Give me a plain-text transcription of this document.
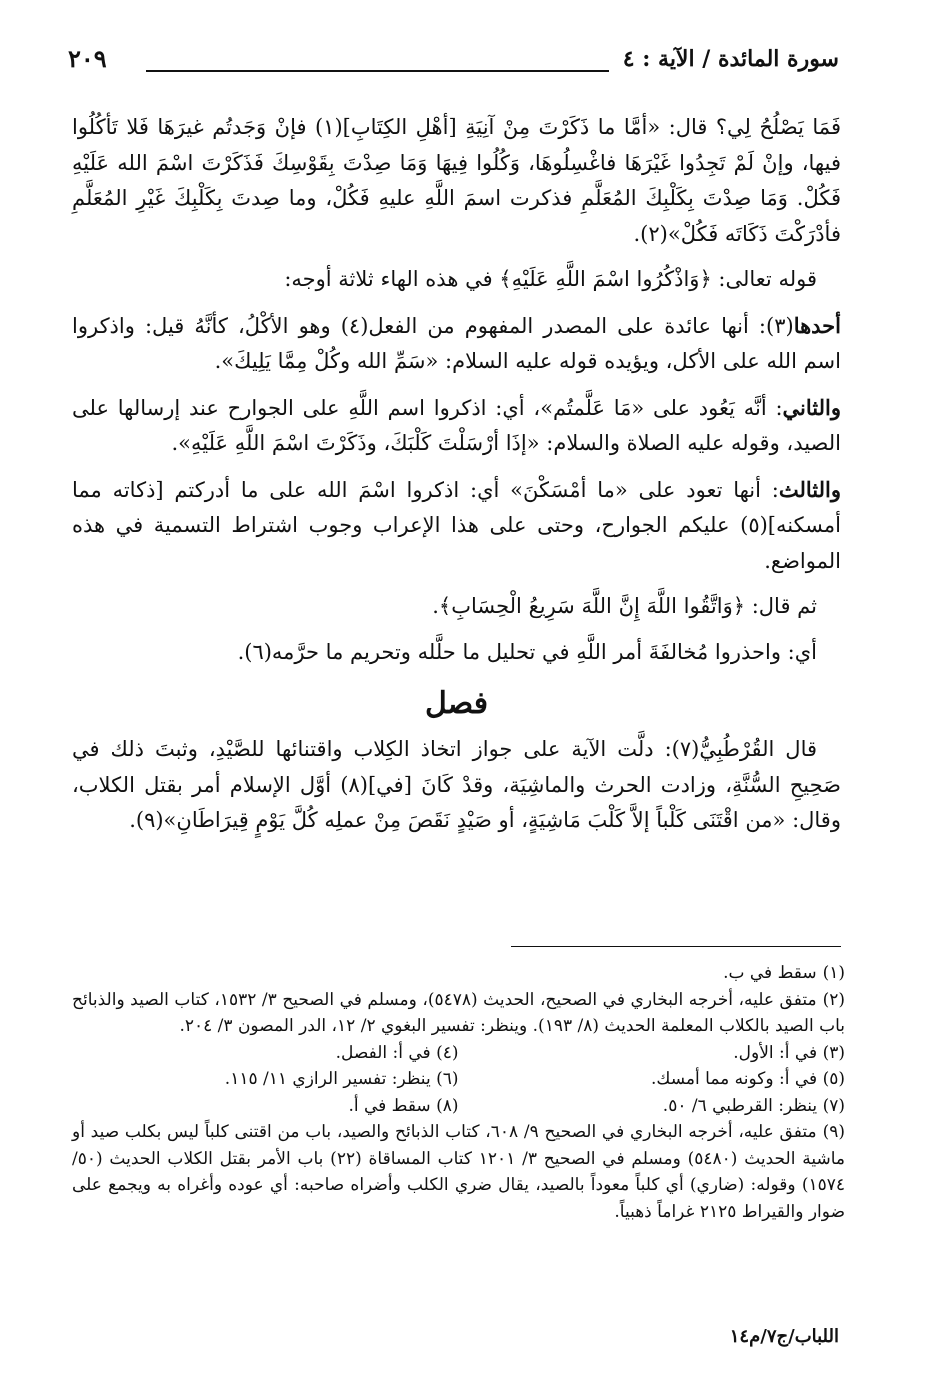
سورة المائدة / الآية : ٤
٢٠٩

فَمَا يَصْلُحُ لِي؟ قال: «أمَّا ما ذَكَرْتَ مِنْ آنِيَةِ [أهْلِ الكِتَابِ](١) فإنْ وَجَدتُم غيرَهَا فَلا تَأكُلُوا فيها، وإنْ لَمْ تَجِدُوا غَيْرَهَا فاغْسِلُوهَا، وَكُلُوا فِيهَا وَمَا صِدْتَ بِقَوْسِكَ فَذَكَرْتَ اسْمَ الله عَلَيْهِ فَكُلْ. وَمَا صِدْتَ بِكَلْبِكَ المُعَلَّمِ فذكرت اسمَ اللَّهِ عليهِ فَكُلْ، وما صِدتَ بِكَلْبِكَ غَيْرِ المُعَلَّمِ فأدْرَكْتَ ذَكَاتَه فَكُلْ»(٢).

قوله تعالى: ﴿وَاذْكُرُوا اسْمَ اللَّهِ عَلَيْهِ﴾ في هذه الهاء ثلاثة أوجه:

أحدها(٣): أنها عائدة على المصدر المفهوم من الفعل(٤) وهو الأكْلُ، كأنَّهُ قيل: واذكروا اسم الله على الأكل، ويؤيده قوله عليه السلام: «سَمِّ الله وكُلْ مِمَّا يَلِيكَ».

والثاني: أنَّه يَعُود على «مَا عَلَّمتُم»، أي: اذكروا اسم اللَّهِ على الجوارح عند إرسالها على الصيد، وقوله عليه الصلاة والسلام: «إذَا أرْسَلْتَ كَلْبَكَ، وذَكَرْتَ اسْمَ اللَّهِ عَلَيْهِ».

والثالث: أنها تعود على «ما أمْسَكْنَ» أي: اذكروا اسْمَ الله على ما أدركتم [ذكاته مما أمسكنه](٥) عليكم الجوارح، وحتى على هذا الإعراب وجوب اشتراط التسمية في هذه المواضع.

ثم قال: ﴿وَاتَّقُوا اللَّهَ إِنَّ اللَّهَ سَرِيعُ الْحِسَابِ﴾.

أي: واحذروا مُخالفَةَ أمر اللَّهِ في تحليل ما حلَّله وتحريم ما حرَّمه(٦).

فصل

قال القُرْطُبِيُّ(٧): دلَّت الآية على جواز اتخاذ الكِلاب واقتنائها للصَّيْدِ، وثبتَ ذلك في صَحِيحِ السُّنَّةِ، وزادت الحرث والماشِيَة، وقدْ كَانَ [في](٨) أوَّل الإسلام أمر بقتل الكلاب، وقال: «من اقْتَنَى كَلْباً إلاَّ كَلْبَ مَاشِيَةٍ، أو صَيْدٍ نَقَصَ مِنْ عملِه كُلَّ يَوْمٍ قِيرَاطَانِ»(٩).

(١)سقط في ب.

(٢)متفق عليه، أخرجه البخاري في الصحيح، الحديث (٥٤٧٨)، ومسلم في الصحيح ٣/ ١٥٣٢، كتاب الصيد والذبائح باب الصيد بالكلاب المعلمة الحديث (٨/ ١٩٣). وينظر: تفسير البغوي ٢/ ١٢، الدر المصون ٣/ ٢٠٤.

(٣) في أ: الأول.
(٤) في أ: الفصل.
(٥) في أ: وكونه مما أمسك.
(٦) ينظر: تفسير الرازي ١١/ ١١٥.
(٧) ينظر: القرطبي ٦/ ٥٠.
(٨) سقط في أ.

(٩)متفق عليه، أخرجه البخاري في الصحيح ٩/ ٦٠٨، كتاب الذبائح والصيد، باب من اقتنى كلباً ليس بكلب صيد أو ماشية الحديث (٥٤٨٠) ومسلم في الصحيح ٣/ ١٢٠١ كتاب المساقاة (٢٢) باب الأمر بقتل الكلاب الحديث (٥٠/ ١٥٧٤) وقوله: (ضاري) أي كلباً معوداً بالصيد، يقال ضري الكلب وأضراه صاحبه: أي عوده وأغراه به ويجمع على ضوار والقيراط ٢١٢٥ غراماً ذهبياً.

اللباب/ج٧/م١٤
